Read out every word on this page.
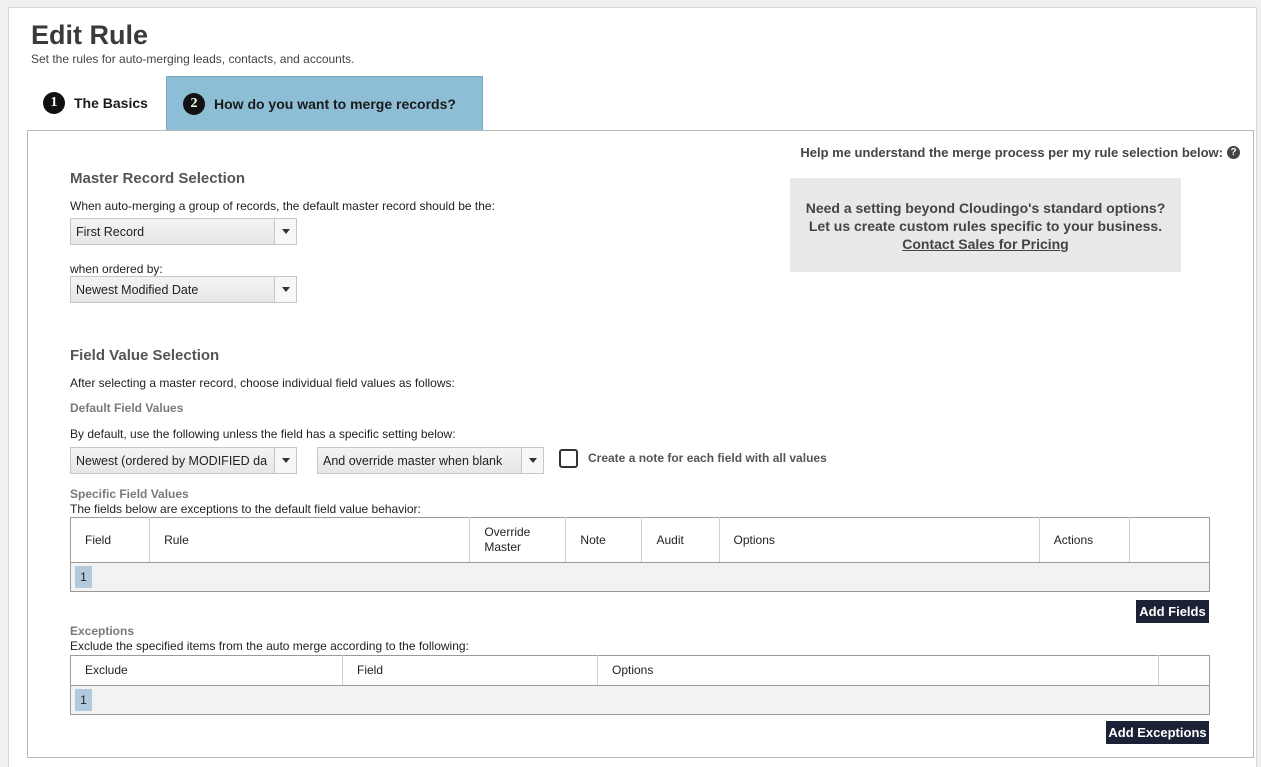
Edit Rule
Set the rules for auto-merging leads, contacts, and accounts.
1	The Basics	2	How do you want to merge records?
Help me understand the merge process per my rule selection below: ?
Need a setting beyond Cloudingo's standard options?
Let us create custom rules specific to your business.
Contact Sales for Pricing
Master Record Selection
When auto-merging a group of records, the default master record should be the:
First Record
when ordered by:
Newest Modified Date
Field Value Selection
After selecting a master record, choose individual field values as follows:
Default Field Values
By default, use the following unless the field has a specific setting below:
Newest (ordered by MODIFIED da	And override master when blank	Create a note for each field with all values
Specific Field Values
The fields below are exceptions to the default field value behavior:
Field	Rule	Override Master	Note	Audit	Options	Actions	
1
Add Fields
Exceptions
Exclude the specified items from the auto merge according to the following:
Exclude	Field	Options	
1
Add Exceptions
